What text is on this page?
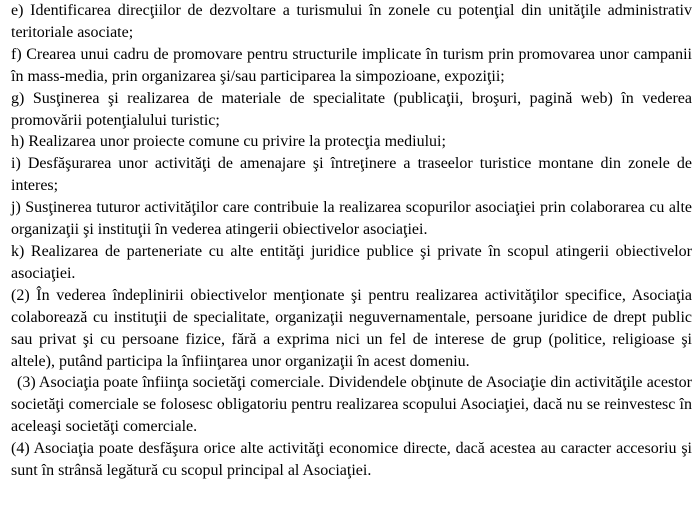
e) Identificarea direcţiilor de dezvoltare a turismului în zonele cu potenţial din unităţile administrativ teritoriale asociate;

f) Crearea unui cadru de promovare pentru structurile implicate în turism prin promovarea unor campanii în mass-media, prin organizarea şi/sau participarea la simpozioane, expoziţii;

g) Susţinerea şi realizarea de materiale de specialitate (publicaţii, broşuri, pagină web) în vederea promovării potenţialului turistic;

h) Realizarea unor proiecte comune cu privire la protecţia mediului;

i) Desfăşurarea unor activităţi de amenajare şi întreţinere a traseelor turistice montane din zonele de interes;

j) Susţinerea tuturor activităţilor care contribuie la realizarea scopurilor asociaţiei prin colaborarea cu alte organizaţii şi instituţii în vederea atingerii obiectivelor asociaţiei.

k) Realizarea de parteneriate cu alte entităţi juridice publice şi private în scopul atingerii obiectivelor asociaţiei.

(2) În vederea îndeplinirii obiectivelor menţionate şi pentru realizarea activităţilor specifice, Asociaţia colaborează cu instituţii de specialitate, organizaţii neguvernamentale, persoane juridice de drept public sau privat şi cu persoane fizice, fără a exprima nici un fel de interese de grup (politice, religioase şi altele), putând participa la înfiinţarea unor organizaţii în acest domeniu.

(3) Asociaţia poate înfiinţa societăţi comerciale. Dividendele obţinute de Asociaţie din activităţile acestor societăţi comerciale se folosesc obligatoriu pentru realizarea scopului Asociaţiei, dacă nu se reinvestesc în aceleaşi societăţi comerciale.

(4) Asociaţia poate desfăşura orice alte activităţi economice directe, dacă acestea au caracter accesoriu şi sunt în strânsă legătură cu scopul principal al Asociaţiei.
